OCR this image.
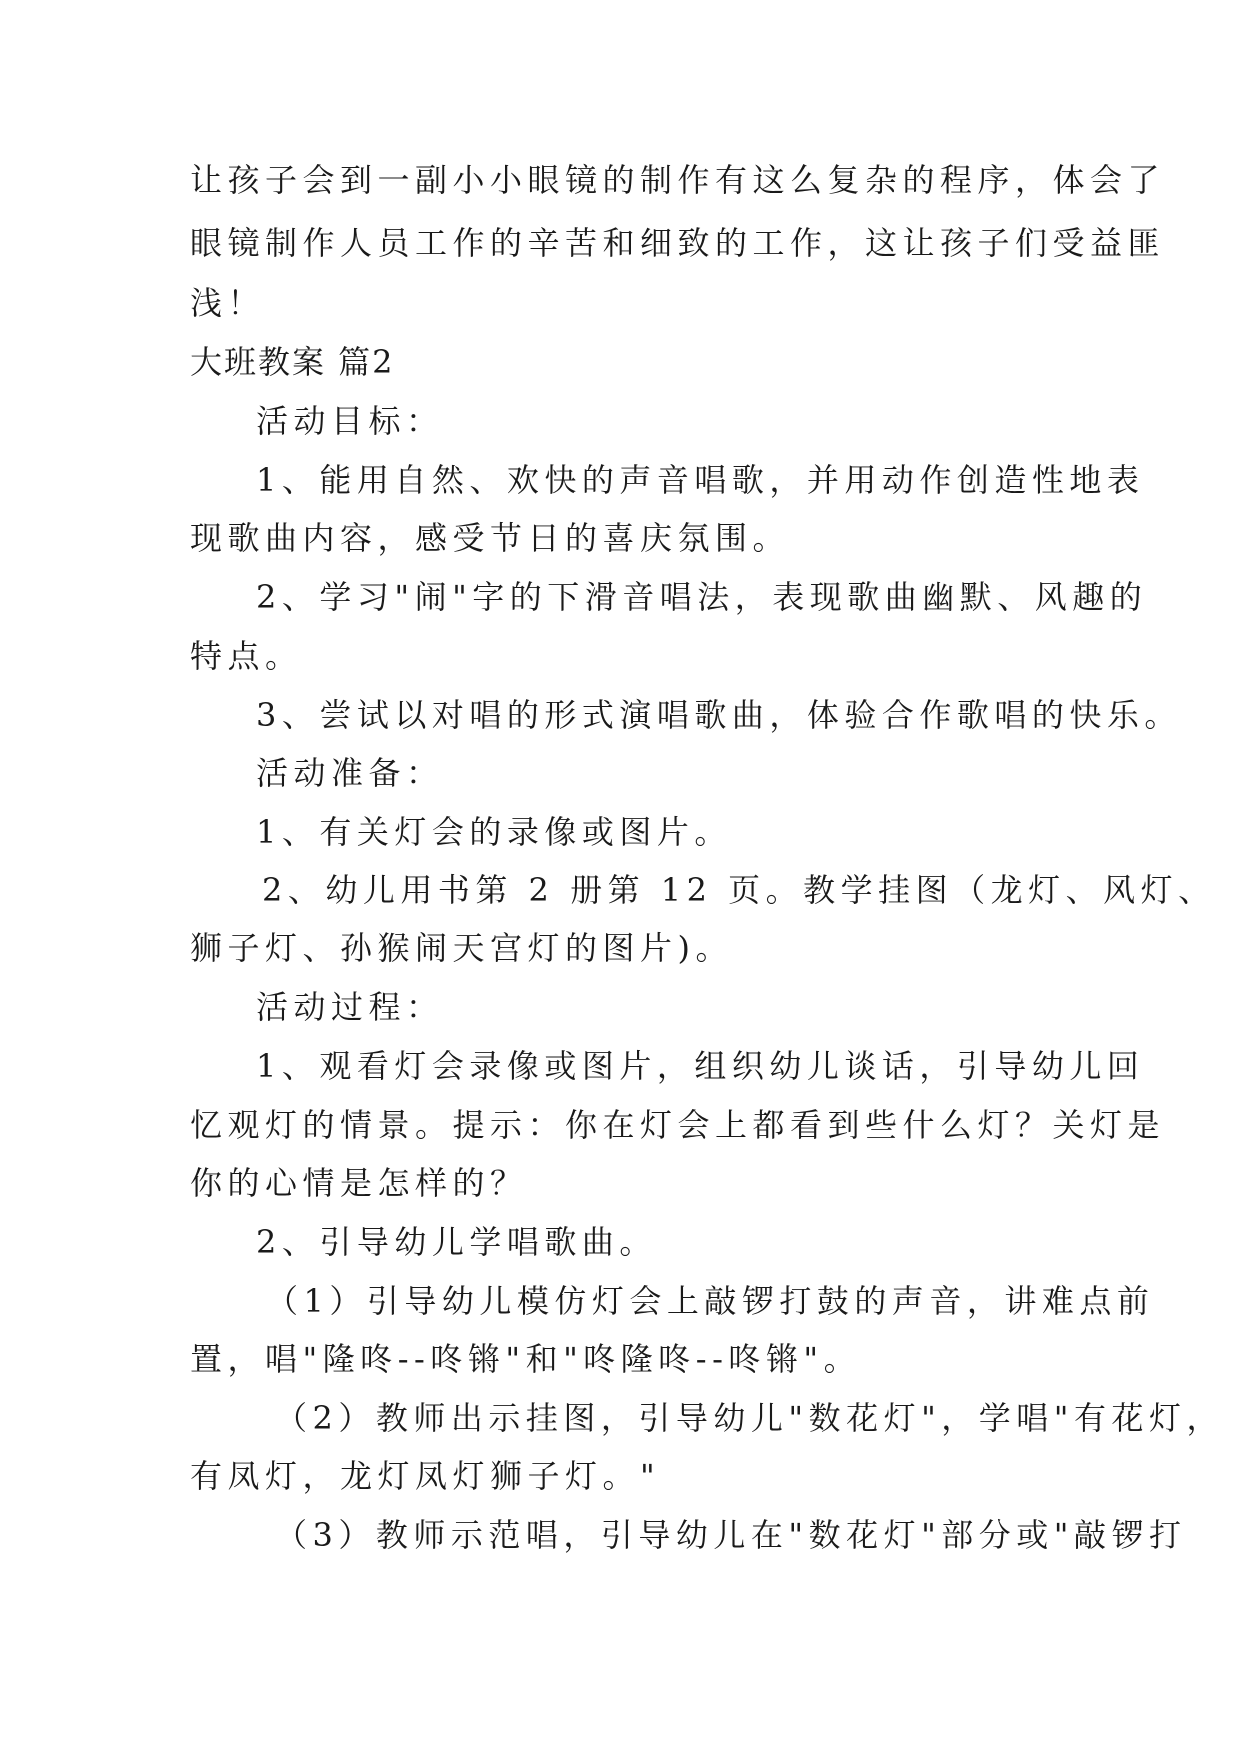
让孩子会到一副小小眼镜的制作有这么复杂的程序，体会了
眼镜制作人员工作的辛苦和细致的工作，这让孩子们受益匪
浅！
大班教案 篇2
活动目标：
1、能用自然、欢快的声音唱歌，并用动作创造性地表
现歌曲内容，感受节日的喜庆氛围。
2、学习"闹"字的下滑音唱法，表现歌曲幽默、风趣的
特点。
3、尝试以对唱的形式演唱歌曲，体验合作歌唱的快乐。
活动准备：
1、有关灯会的录像或图片。
2、幼儿用书第 2 册第 12 页。教学挂图（龙灯、风灯、
狮子灯、孙猴闹天宫灯的图片)。
活动过程：
1、观看灯会录像或图片，组织幼儿谈话，引导幼儿回
忆观灯的情景。提示：你在灯会上都看到些什么灯？关灯是
你的心情是怎样的？
2、引导幼儿学唱歌曲。
（1）引导幼儿模仿灯会上敲锣打鼓的声音，讲难点前
置，唱"隆咚--咚锵"和"咚隆咚--咚锵"。
（2）教师出示挂图，引导幼儿"数花灯"，学唱"有花灯，
有凤灯，龙灯凤灯狮子灯。"
（3）教师示范唱，引导幼儿在"数花灯"部分或"敲锣打
